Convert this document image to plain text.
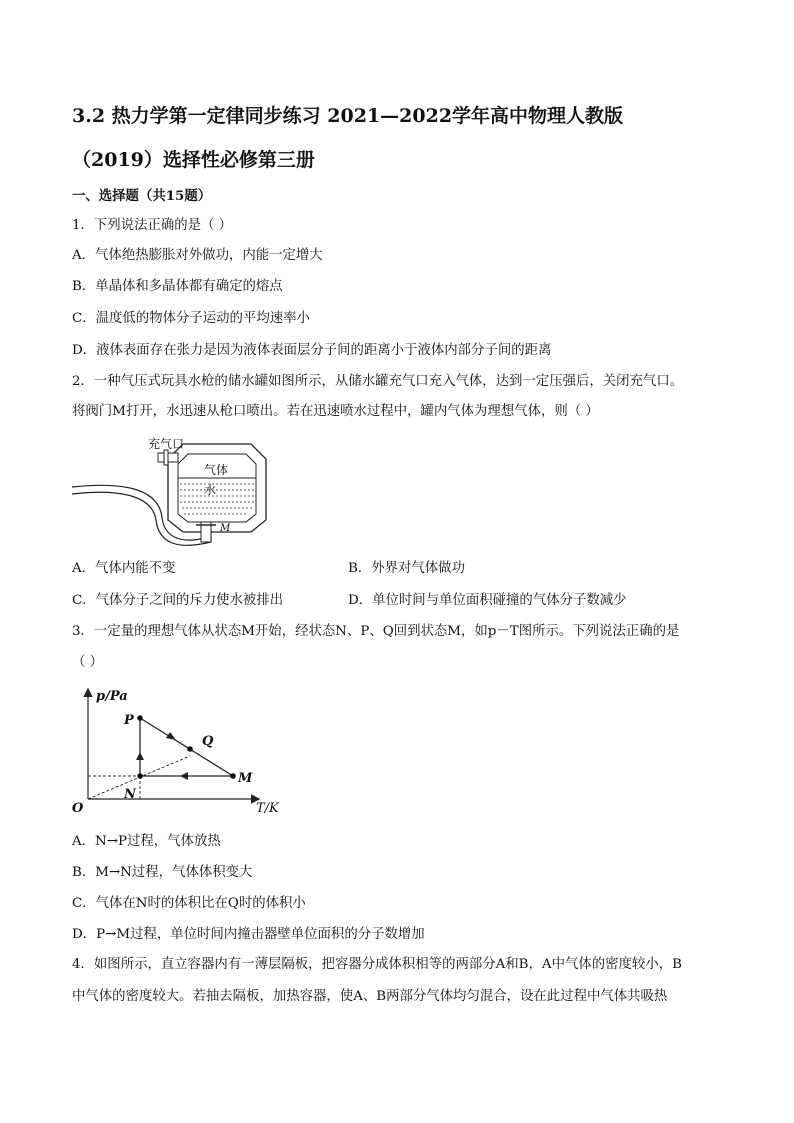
3.2 热力学第一定律同步练习 2021—2022学年高中物理人教版
（2019）选择性必修第三册
一、选择题（共15题）
1．下列说法正确的是（ ）
A．气体绝热膨胀对外做功，内能一定增大
B．单晶体和多晶体都有确定的熔点
C．温度低的物体分子运动的平均速率小
D．液体表面存在张力是因为液体表面层分子间的距离小于液体内部分子间的距离
2．一种气压式玩具水枪的储水罐如图所示，从储水罐充气口充入气体，达到一定压强后，关闭充气口。
将阀门M打开，水迅速从枪口喷出。若在迅速喷水过程中，罐内气体为理想气体，则（ ）
充气口
气体
水
M
A．气体内能不变	B．外界对气体做功
C．气体分子之间的斥力使水被排出	D．单位时间与单位面积碰撞的气体分子数减少
3．一定量的理想气体从状态M开始，经状态N、P、Q回到状态M，如p－T图所示。下列说法正确的是
（ ）
p/Pa
T/K
O
P
Q
M
N
A．N→P过程，气体放热
B．M→N过程，气体体积变大
C．气体在N时的体积比在Q时的体积小
D．P→M过程，单位时间内撞击器壁单位面积的分子数增加
4．如图所示，直立容器内有一薄层隔板，把容器分成体积相等的两部分A和B，A中气体的密度较小，B
中气体的密度较大。若抽去隔板，加热容器，使A、B两部分气体均匀混合，设在此过程中气体共吸热
